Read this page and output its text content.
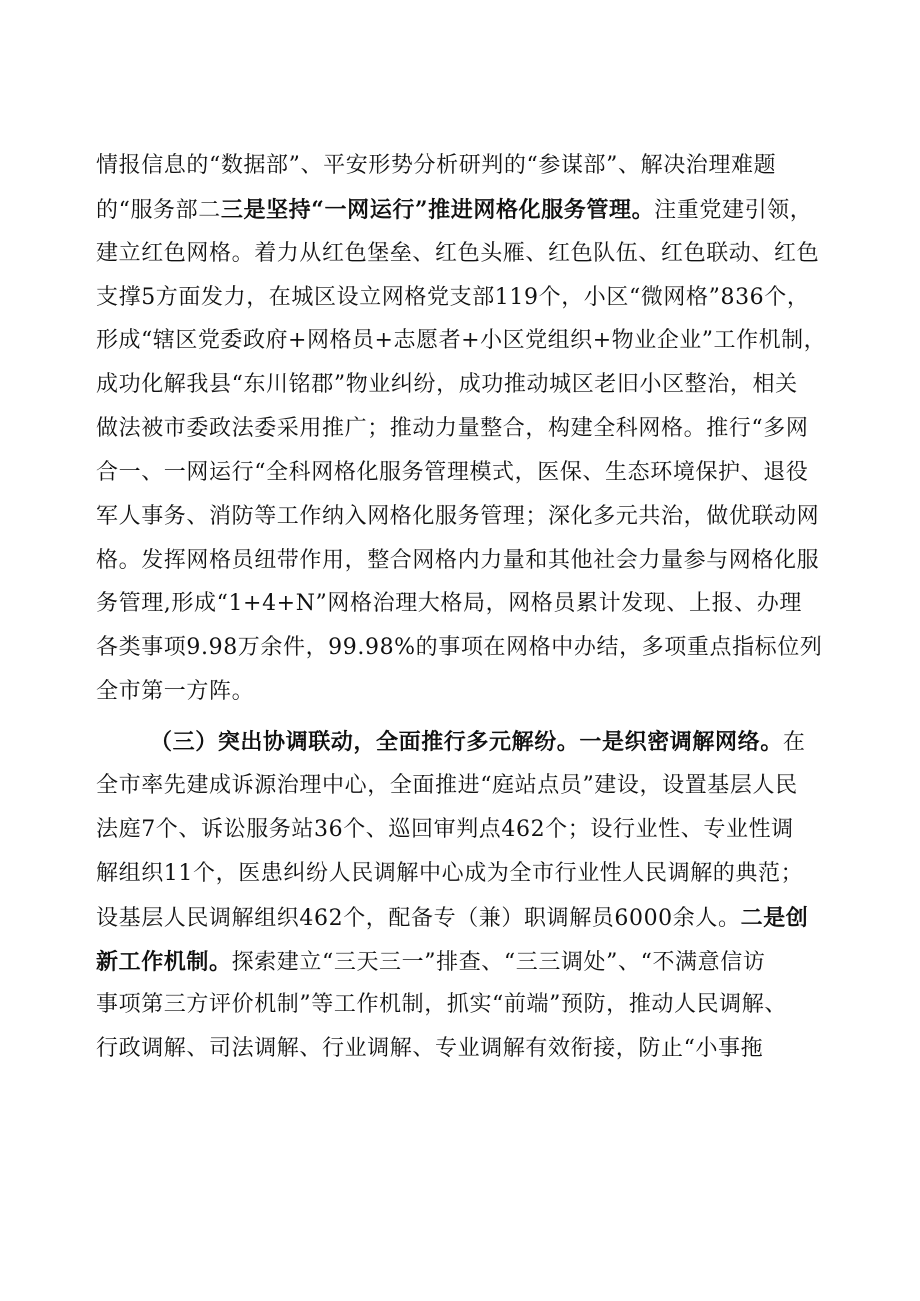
情报信息的“数据部”、平安形势分析研判的“参谋部”、解决治理难题
的“服务部二三是坚持“一网运行”推进网格化服务管理。注重党建引领，
建立红色网格。着力从红色堡垒、红色头雁、红色队伍、红色联动、红色
支撑5方面发力，在城区设立网格党支部119个，小区“微网格”836个，
形成“辖区党委政府+网格员+志愿者+小区党组织+物业企业”工作机制，
成功化解我县“东川铭郡”物业纠纷，成功推动城区老旧小区整治，相关
做法被市委政法委采用推广；推动力量整合，构建全科网格。推行“多网
合一、一网运行“全科网格化服务管理模式，医保、生态环境保护、退役
军人事务、消防等工作纳入网格化服务管理；深化多元共治，做优联动网
格。发挥网格员纽带作用，整合网格内力量和其他社会力量参与网格化服
务管理,形成“1+4+N”网格治理大格局，网格员累计发现、上报、办理
各类事项9.98万余件，99.98%的事项在网格中办结，多项重点指标位列
全市第一方阵。
（三）突出协调联动，全面推行多元解纷。一是织密调解网络。在
全市率先建成诉源治理中心，全面推进“庭站点员”建设，设置基层人民
法庭7个、诉讼服务站36个、巡回审判点462个；设行业性、专业性调
解组织11个，医患纠纷人民调解中心成为全市行业性人民调解的典范；
设基层人民调解组织462个，配备专（兼）职调解员6000余人。二是创
新工作机制。探索建立“三天三一”排查、“三三调处”、“不满意信访
事项第三方评价机制”等工作机制，抓实“前端”预防，推动人民调解、
行政调解、司法调解、行业调解、专业调解有效衔接，防止“小事拖
